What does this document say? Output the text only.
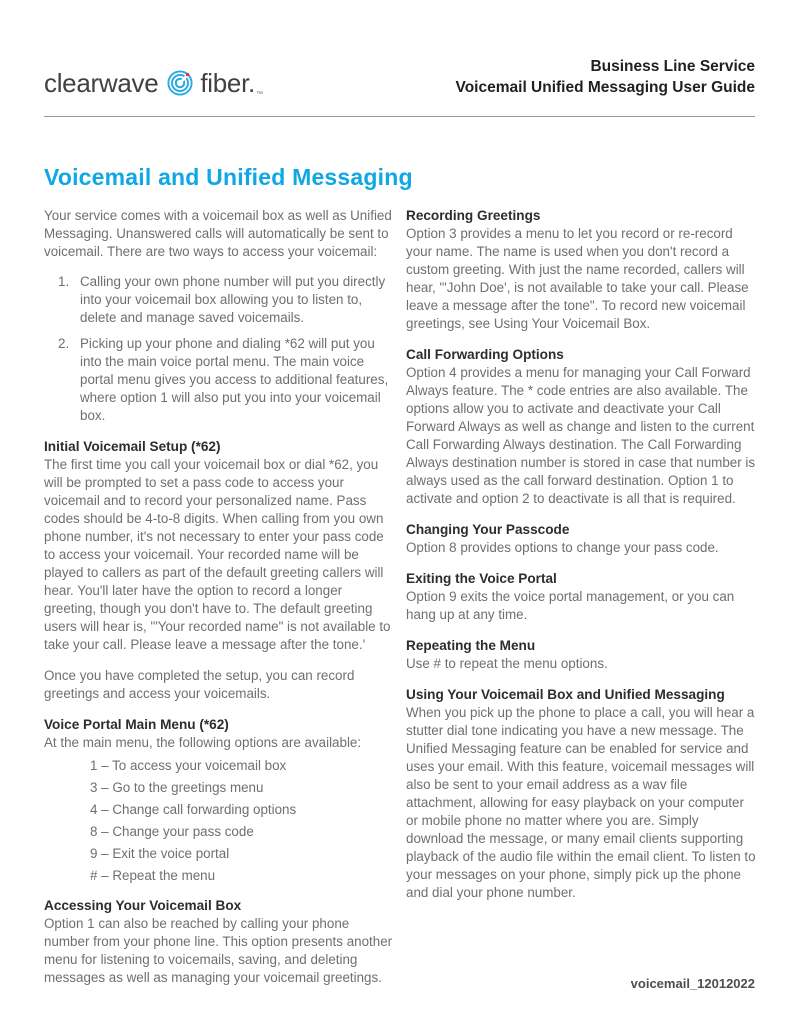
clearwave fiber. ™
Business Line Service
Voicemail Unified Messaging User Guide
Voicemail and Unified Messaging

Your service comes with a voicemail box as well as Unified Messaging. Unanswered calls will automatically be sent to voicemail. There are two ways to access your voicemail:

1. Calling your own phone number will put you directly into your voicemail box allowing you to listen to, delete and manage saved voicemails.
2. Picking up your phone and dialing *62 will put you into the main voice portal menu. The main voice portal menu gives you access to additional features, where option 1 will also put you into your voicemail box.
Initial Voicemail Setup (*62)

The first time you call your voicemail box or dial *62, you will be prompted to set a pass code to access your voicemail and to record your personalized name. Pass codes should be 4-to-8 digits. When calling from you own phone number, it's not necessary to enter your pass code to access your voicemail. Your recorded name will be played to callers as part of the default greeting callers will hear. You'll later have the option to record a longer greeting, though you don't have to. The default greeting users will hear is, '"Your recorded name" is not available to take your call. Please leave a message after the tone.'

Once you have completed the setup, you can record greetings and access your voicemails.

Voice Portal Main Menu (*62)

At the main menu, the following options are available:

1 – To access your voicemail box
3 – Go to the greetings menu
4 – Change call forwarding options
8 – Change your pass code
9 – Exit the voice portal
# – Repeat the menu
Accessing Your Voicemail Box

Option 1 can also be reached by calling your phone number from your phone line. This option presents another menu for listening to voicemails, saving, and deleting messages as well as managing your voicemail greetings.

Recording Greetings

Option 3 provides a menu to let you record or re-record your name. The name is used when you don't record a custom greeting. With just the name recorded, callers will hear, "'John Doe', is not available to take your call. Please leave a message after the tone". To record new voicemail greetings, see Using Your Voicemail Box.

Call Forwarding Options

Option 4 provides a menu for managing your Call Forward Always feature. The * code entries are also available. The options allow you to activate and deactivate your Call Forward Always as well as change and listen to the current Call Forwarding Always destination. The Call Forwarding Always destination number is stored in case that number is always used as the call forward destination. Option 1 to activate and option 2 to deactivate is all that is required.

Changing Your Passcode

Option 8 provides options to change your pass code.

Exiting the Voice Portal

Option 9 exits the voice portal management, or you can hang up at any time.

Repeating the Menu

Use # to repeat the menu options.

Using Your Voicemail Box and Unified Messaging

When you pick up the phone to place a call, you will hear a stutter dial tone indicating you have a new message. The Unified Messaging feature can be enabled for service and uses your email. With this feature, voicemail messages will also be sent to your email address as a wav file attachment, allowing for easy playback on your computer or mobile phone no matter where you are. Simply download the message, or many email clients supporting playback of the audio file within the email client. To listen to your messages on your phone, simply pick up the phone and dial your phone number.

voicemail_12012022
